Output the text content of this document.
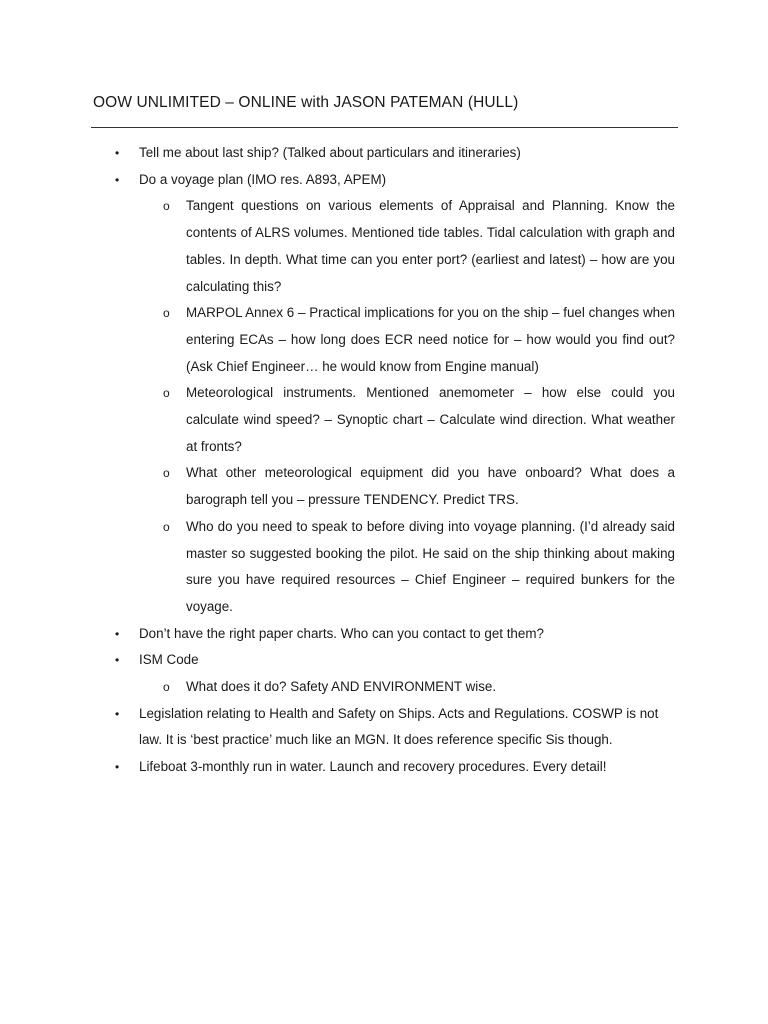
OOW UNLIMITED – ONLINE with JASON PATEMAN (HULL)
• Tell me about last ship? (Talked about particulars and itineraries)
• Do a voyage plan (IMO res. A893, APEM)
o Tangent questions on various elements of Appraisal and Planning. Know the contents of ALRS volumes. Mentioned tide tables. Tidal calculation with graph and tables. In depth. What time can you enter port? (earliest and latest) – how are you calculating this?
o MARPOL Annex 6 – Practical implications for you on the ship – fuel changes when entering ECAs – how long does ECR need notice for – how would you find out? (Ask Chief Engineer… he would know from Engine manual)
o Meteorological instruments. Mentioned anemometer – how else could you calculate wind speed? – Synoptic chart – Calculate wind direction. What weather at fronts?
o What other meteorological equipment did you have onboard? What does a barograph tell you – pressure TENDENCY. Predict TRS.
o Who do you need to speak to before diving into voyage planning. (I’d already said master so suggested booking the pilot. He said on the ship thinking about making sure you have required resources – Chief Engineer – required bunkers for the voyage.
• Don’t have the right paper charts. Who can you contact to get them?
• ISM Code
o What does it do? Safety AND ENVIRONMENT wise.
• Legislation relating to Health and Safety on Ships. Acts and Regulations. COSWP is not law. It is ‘best practice’ much like an MGN. It does reference specific Sis though.
• Lifeboat 3-monthly run in water. Launch and recovery procedures. Every detail!
